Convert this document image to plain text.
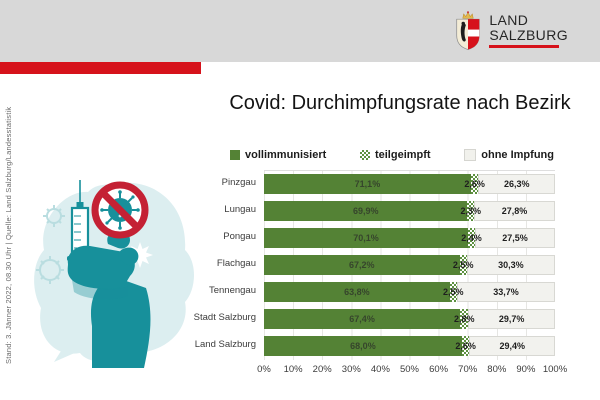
LAND
SALZBURG
Stand: 3. Jänner 2022, 08.30 Uhr | Quelle: Land Salzburg/Landesstatistik
Covid: Durchimpfungsrate nach Bezirk
vollimmunisiert	teilgeimpft	ohne Impfung
71,1%	2,6%	26,3%
69,9%	2,3%	27,8%
70,1%	2,4%	27,5%
67,2%	2,5%	30,3%
63,8%	2,5%	33,7%
67,4%	2,8%	29,7%
68,0%	2,6%	29,4%
Pinzgau
Lungau
Pongau
Flachgau
Tennengau
Stadt Salzburg
Land Salzburg
0%	10%	20%	30%	40%	50%	60%	70%	80%	90% 100%
